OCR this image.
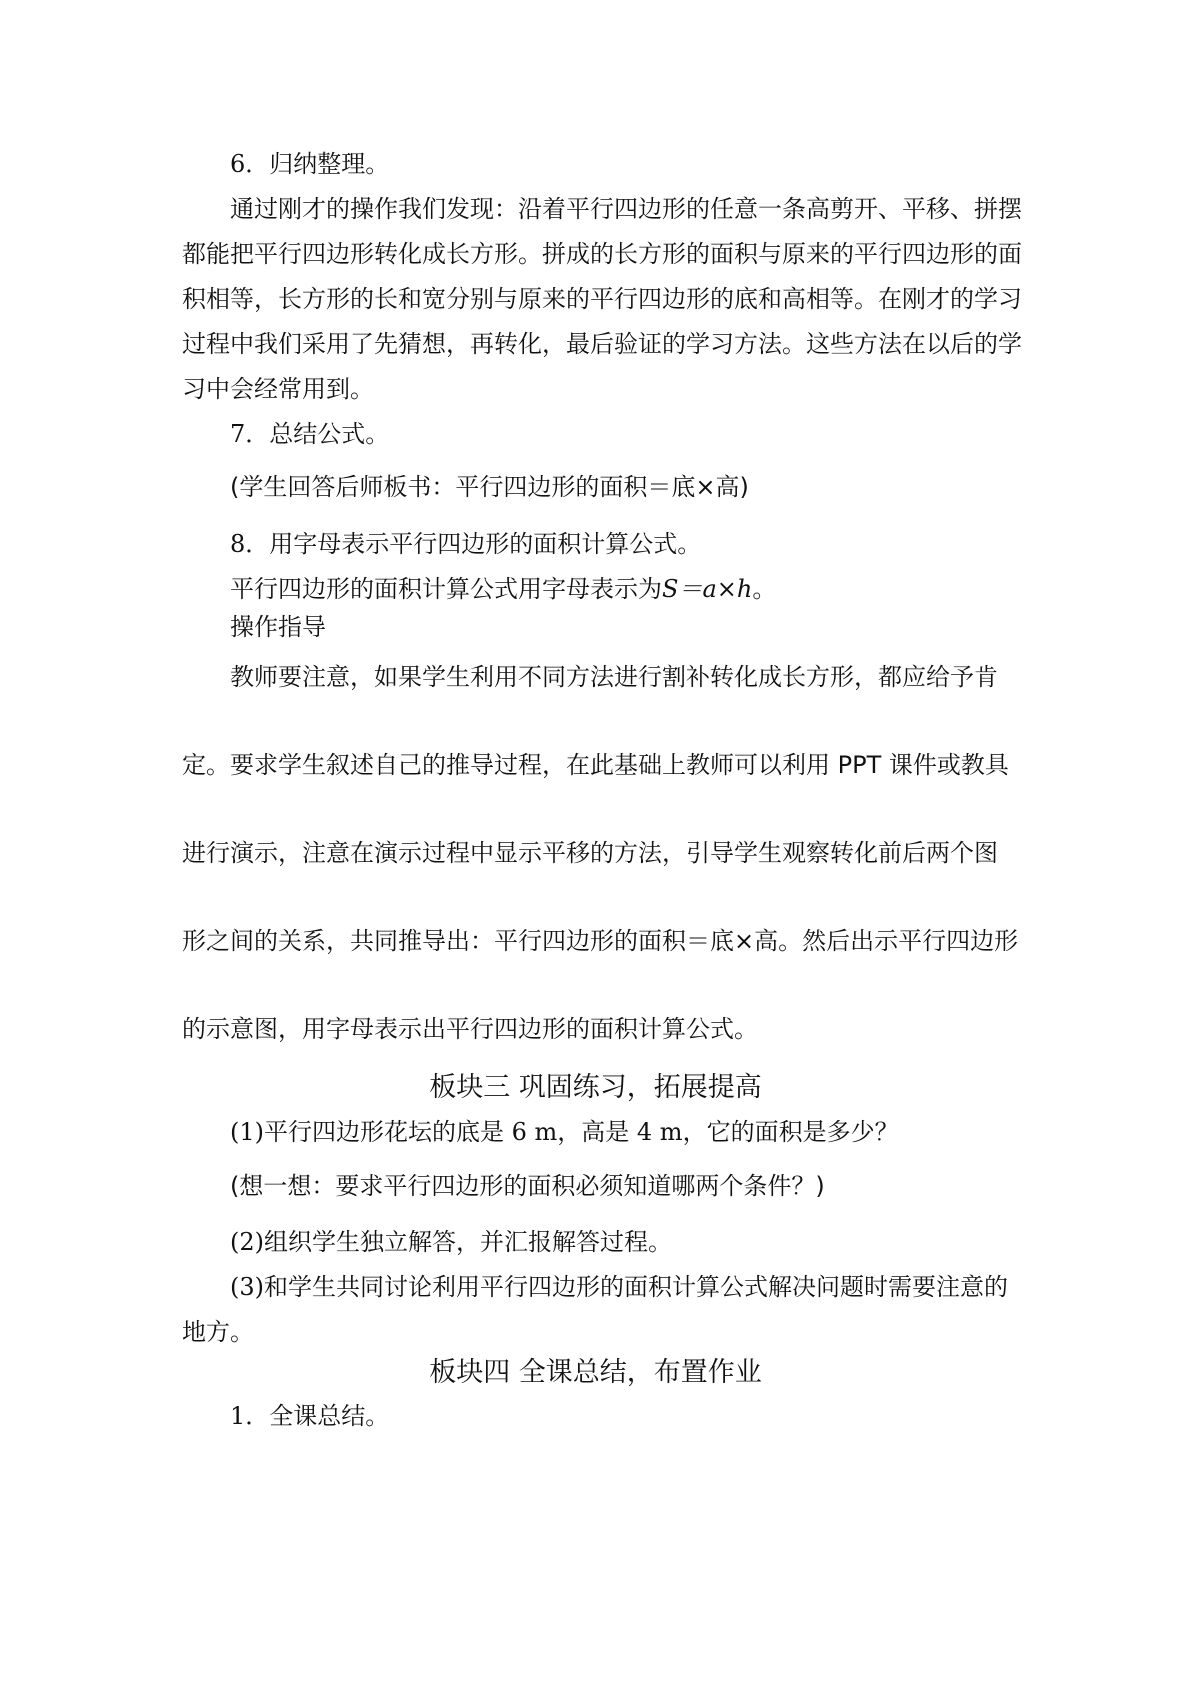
6．归纳整理。
通过刚才的操作我们发现：沿着平行四边形的任意一条高剪开、平移、拼摆
都能把平行四边形转化成长方形。拼成的长方形的面积与原来的平行四边形的面
积相等，长方形的长和宽分别与原来的平行四边形的底和高相等。在刚才的学习
过程中我们采用了先猜想，再转化，最后验证的学习方法。这些方法在以后的学
习中会经常用到。
7．总结公式。
(学生回答后师板书：平行四边形的面积＝底×高)
8．用字母表示平行四边形的面积计算公式。
平行四边形的面积计算公式用字母表示为S＝a×h。
操作指导
教师要注意，如果学生利用不同方法进行割补转化成长方形，都应给予肯
定。要求学生叙述自己的推导过程，在此基础上教师可以利用 PPT 课件或教具
进行演示，注意在演示过程中显示平移的方法，引导学生观察转化前后两个图
形之间的关系，共同推导出：平行四边形的面积＝底×高。然后出示平行四边形
的示意图，用字母表示出平行四边形的面积计算公式。
板块三 巩固练习，拓展提高
(1)平行四边形花坛的底是 6 m，高是 4 m，它的面积是多少？
(想一想：要求平行四边形的面积必须知道哪两个条件？)
(2)组织学生独立解答，并汇报解答过程。
(3)和学生共同讨论利用平行四边形的面积计算公式解决问题时需要注意的
地方。
板块四 全课总结，布置作业
1．全课总结。
